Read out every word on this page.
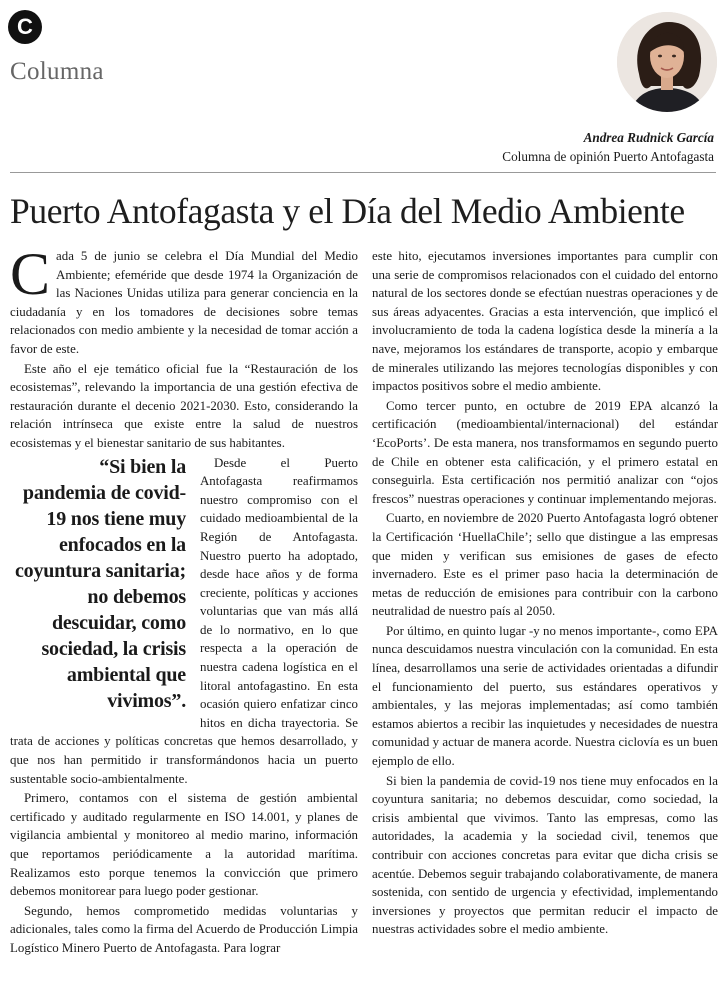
C
Columna
Andrea Rudnick García
Columna de opinión Puerto Antofagasta
Puerto Antofagasta y el Día del Medio Ambiente

Cada 5 de junio se celebra el Día Mundial del Medio Ambiente; efeméride que desde 1974 la Organización de las Naciones Unidas utiliza para generar conciencia en la ciudadanía y en los tomadores de decisiones sobre temas relacionados con medio ambiente y la necesidad de tomar acción a favor de este.

Este año el eje temático oficial fue la “Restauración de los ecosistemas”, relevando la importancia de una gestión efectiva de restauración durante el decenio 2021-2030. Esto, considerando la relación intrínseca que existe entre la salud de nuestros ecosistemas y el bienestar sanitario de sus habitantes.

“Si bien la pandemia de covid-19 nos tiene muy enfocados en la coyuntura sanitaria; no debemos descuidar, como sociedad, la crisis ambiental que vivimos”.
Desde el Puerto Antofagasta reafirmamos nuestro compromiso con el cuidado medioambiental de la Región de Antofagasta. Nuestro puerto ha adoptado, desde hace años y de forma creciente, políticas y acciones voluntarias que van más allá de lo normativo, en lo que respecta a la operación de nuestra cadena logística en el litoral antofagastino. En esta ocasión quiero enfatizar cinco hitos en dicha trayectoria. Se trata de acciones y políticas concretas que hemos desarrollado, y que nos han permitido ir transformándonos hacia un puerto sustentable socio-ambientalmente.

Primero, contamos con el sistema de gestión ambiental certificado y auditado regularmente en ISO 14.001, y planes de vigilancia ambiental y monitoreo al medio marino, información que reportamos periódicamente a la autoridad marítima. Realizamos esto porque tenemos la convicción que primero debemos monitorear para luego poder gestionar.

Segundo, hemos comprometido medidas voluntarias y adicionales, tales como la firma del Acuerdo de Producción Limpia Logístico Minero Puerto de Antofagasta. Para lograr

este hito, ejecutamos inversiones importantes para cumplir con una serie de compromisos relacionados con el cuidado del entorno natural de los sectores donde se efectúan nuestras operaciones y de sus áreas adyacentes. Gracias a esta intervención, que implicó el involucramiento de toda la cadena logística desde la minería a la nave, mejoramos los estándares de transporte, acopio y embarque de minerales utilizando las mejores tecnologías disponibles y con impactos positivos sobre el medio ambiente.

Como tercer punto, en octubre de 2019 EPA alcanzó la certificación (medioambiental/internacional) del estándar ‘EcoPorts’. De esta manera, nos transformamos en segundo puerto de Chile en obtener esta calificación, y el primero estatal en conseguirla. Esta certificación nos permitió analizar con “ojos frescos” nuestras operaciones y continuar implementando mejoras.

Cuarto, en noviembre de 2020 Puerto Antofagasta logró obtener la Certificación ‘HuellaChile’; sello que distingue a las empresas que miden y verifican sus emisiones de gases de efecto invernadero. Este es el primer paso hacia la determinación de metas de reducción de emisiones para contribuir con la carbono neutralidad de nuestro país al 2050.

Por último, en quinto lugar -y no menos importante-, como EPA nunca descuidamos nuestra vinculación con la comunidad. En esta línea, desarrollamos una serie de actividades orientadas a difundir el funcionamiento del puerto, sus estándares operativos y ambientales, y las mejoras implementadas; así como también estamos abiertos a recibir las inquietudes y necesidades de nuestra comunidad y actuar de manera acorde. Nuestra ciclovía es un buen ejemplo de ello.

Si bien la pandemia de covid-19 nos tiene muy enfocados en la coyuntura sanitaria; no debemos descuidar, como sociedad, la crisis ambiental que vivimos. Tanto las empresas, como las autoridades, la academia y la sociedad civil, tenemos que contribuir con acciones concretas para evitar que dicha crisis se acentúe. Debemos seguir trabajando colaborativamente, de manera sostenida, con sentido de urgencia y efectividad, implementando inversiones y proyectos que permitan reducir el impacto de nuestras actividades sobre el medio ambiente.
